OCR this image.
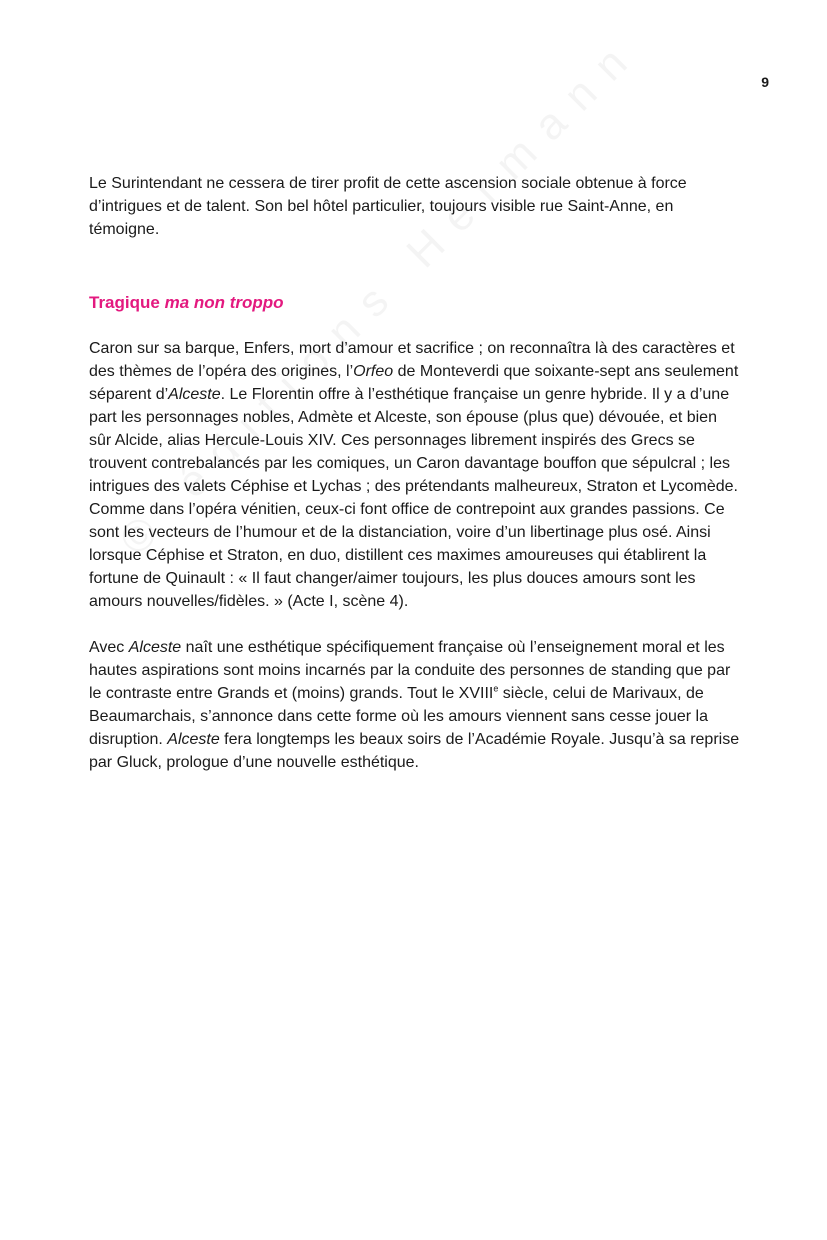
9

Le Surintendant ne cessera de tirer profit de cette ascension sociale obtenue à force d’intrigues et de talent. Son bel hôtel particulier, toujours visible rue Saint-Anne, en témoigne.

Tragique ma non troppo

Caron sur sa barque, Enfers, mort d’amour et sacrifice ; on reconnaîtra là des caractères et des thèmes de l’opéra des origines, l’Orfeo de Monteverdi que soixante-sept ans seulement séparent d’Alceste. Le Florentin offre à l’esthétique française un genre hybride. Il y a d’une part les personnages nobles, Admète et Alceste, son épouse (plus que) dévouée, et bien sûr Alcide, alias Hercule-Louis XIV. Ces personnages librement inspirés des Grecs se trouvent contrebalancés par les comiques, un Caron davantage bouffon que sépulcral ; les intrigues des valets Céphise et Lychas ; des prétendants malheureux, Straton et Lycomède. Comme dans l’opéra vénitien, ceux-ci font office de contrepoint aux grandes passions. Ce sont les vecteurs de l’humour et de la distanciation, voire d’un libertinage plus osé. Ainsi lorsque Céphise et Straton, en duo, distillent ces maximes amoureuses qui établirent la fortune de Quinault : « Il faut changer/aimer toujours, les plus douces amours sont les amours nouvelles/fidèles. » (Acte I, scène 4).

Avec Alceste naît une esthétique spécifiquement française où l’enseignement moral et les hautes aspirations sont moins incarnés par la conduite des personnes de standing que par le contraste entre Grands et (moins) grands. Tout le XVIIIe siècle, celui de Marivaux, de Beaumarchais, s’annonce dans cette forme où les amours viennent sans cesse jouer la disruption. Alceste fera longtemps les beaux soirs de l’Académie Royale. Jusqu’à sa reprise par Gluck, prologue d’une nouvelle esthétique.
